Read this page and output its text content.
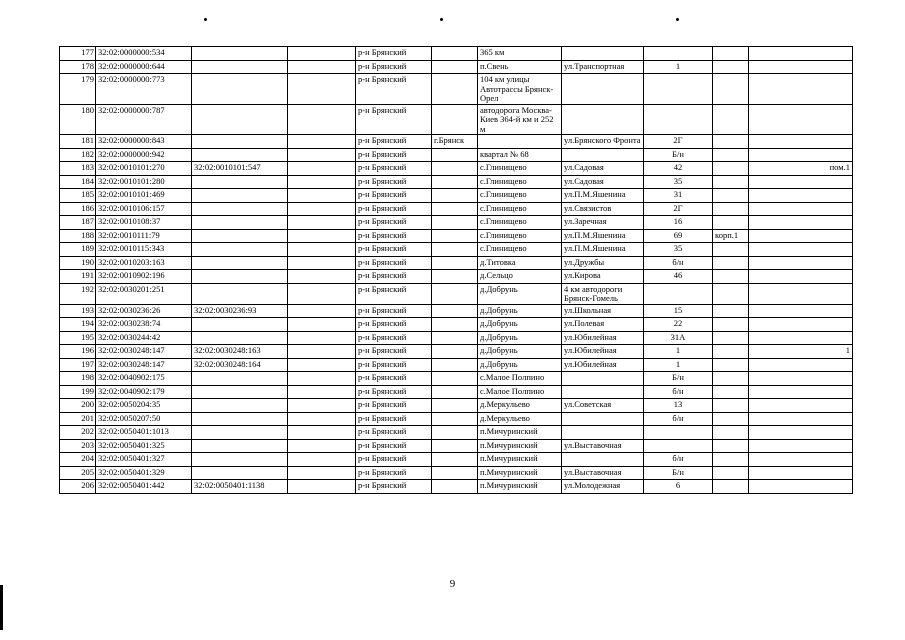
177	32:02:0000000:534			р-н Брянский		365 км				
178	32:02:0000000:644			р-н Брянский		п.Свень	ул.Транспортная	1		
179	32:02:0000000:773			р-н Брянский		104 км улицы Автотрассы Брянск-Орел				
180	32:02:0000000:787			р-н Брянский		автодорога Москва-Киев 364-й км и 252 м				
181	32:02:0000000:843			р-н Брянский	г.Брянск		ул.Брянского Фронта	2Г		
182	32:02:0000000:942			р-н Брянский		квартал № 68		Б/н		
183	32:02:0010101:270	32:02:0010101:547		р-н Брянский		с.Глинищево	ул.Садовая	42		пом.1
184	32:02:0010101:280			р-н Брянский		с.Глинищево	ул.Садовая	35		
185	32:02:0010101:469			р-н Брянский		с.Глинищево	ул.П.М.Яшенина	31		
186	32:02:0010106:157			р-н Брянский		с.Глинищево	ул.Связистов	2Г		
187	32:02:0010108:37			р-н Брянский		с.Глинищево	ул.Заречная	16		
188	32:02:0010111:79			р-н Брянский		с.Глинищево	ул.П.М.Яшенина	69	корп.1	
189	32:02:0010115:343			р-н Брянский		с.Глинищево	ул.П.М.Яшенина	35		
190	32:02:0010203:163			р-н Брянский		д.Титовка	ул.Дружбы	б/н		
191	32:02:0010902:196			р-н Брянский		д.Сельцо	ул.Кирова	46		
192	32:02:0030201:251			р-н Брянский		д.Добрунь	4 км автодороги Брянск-Гомель			
193	32:02:0030236:26	32:02:0030236:93		р-н Брянский		д.Добрунь	ул.Школьная	15		
194	32:02:0030238:74			р-н Брянский		д.Добрунь	ул.Полевая	22		
195	32:02:0030244:42			р-н Брянский		д.Добрунь	ул.Юбилейная	31А		
196	32:02:0030248:147	32:02:0030248:163		р-н Брянский		д.Добрунь	ул.Юбилейная	1		1
197	32:02:0030248:147	32:02:0030248:164		р-н Брянский		д.Добрунь	ул.Юбилейная	1		
198	32:02:0040902:175			р-н Брянский		с.Малое Полпино		Б/н		
199	32:02:0040902:179			р-н Брянский		с.Малое Полпино		б/н		
200	32:02:0050204:35			р-н Брянский		д.Меркульево	ул.Советская	13		
201	32:02:0050207:50			р-н Брянский		д.Меркульево		б/н		
202	32:02:0050401:1013			р-н Брянский		п.Мичуринский				
203	32:02:0050401:325			р-н Брянский		п.Мичуринский	ул.Выставочная			
204	32:02:0050401:327			р-н Брянский		п.Мичуринский		б/н		
205	32:02:0050401:329			р-н Брянский		п.Мичуринский	ул.Выставочная	Б/н		
206	32:02:0050401:442	32:02:0050401:1138		р-н Брянский		п.Мичуринский	ул.Молодежная	6		
9
